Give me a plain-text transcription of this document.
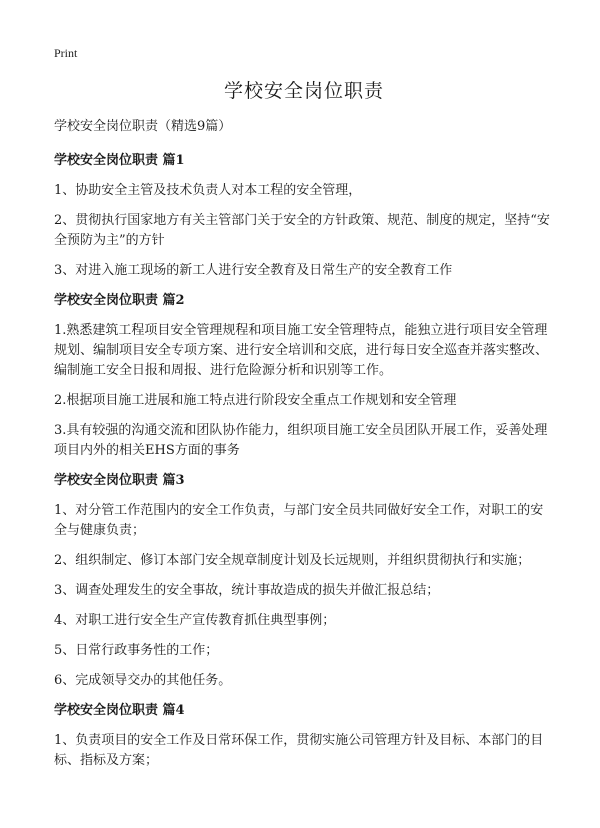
Print
学校安全岗位职责

学校安全岗位职责（精选9篇）

学校安全岗位职责 篇1

1、协助安全主管及技术负责人对本工程的安全管理，

2、贯彻执行国家地方有关主管部门关于安全的方针政策、规范、制度的规定，坚持“安全预防为主”的方针

3、对进入施工现场的新工人进行安全教育及日常生产的安全教育工作

学校安全岗位职责 篇2

1.熟悉建筑工程项目安全管理规程和项目施工安全管理特点，能独立进行项目安全管理规划、编制项目安全专项方案、进行安全培训和交底，进行每日安全巡查并落实整改、编制施工安全日报和周报、进行危险源分析和识别等工作。

2.根据项目施工进展和施工特点进行阶段安全重点工作规划和安全管理

3.具有较强的沟通交流和团队协作能力，组织项目施工安全员团队开展工作，妥善处理项目内外的相关EHS方面的事务

学校安全岗位职责 篇3

1、对分管工作范围内的安全工作负责，与部门安全员共同做好安全工作，对职工的安全与健康负责；

2、组织制定、修订本部门安全规章制度计划及长远规则，并组织贯彻执行和实施；

3、调查处理发生的安全事故，统计事故造成的损失并做汇报总结；

4、对职工进行安全生产宣传教育抓住典型事例；

5、日常行政事务性的工作；

6、完成领导交办的其他任务。

学校安全岗位职责 篇4

1、负责项目的安全工作及日常环保工作，贯彻实施公司管理方针及目标、本部门的目标、指标及方案；
